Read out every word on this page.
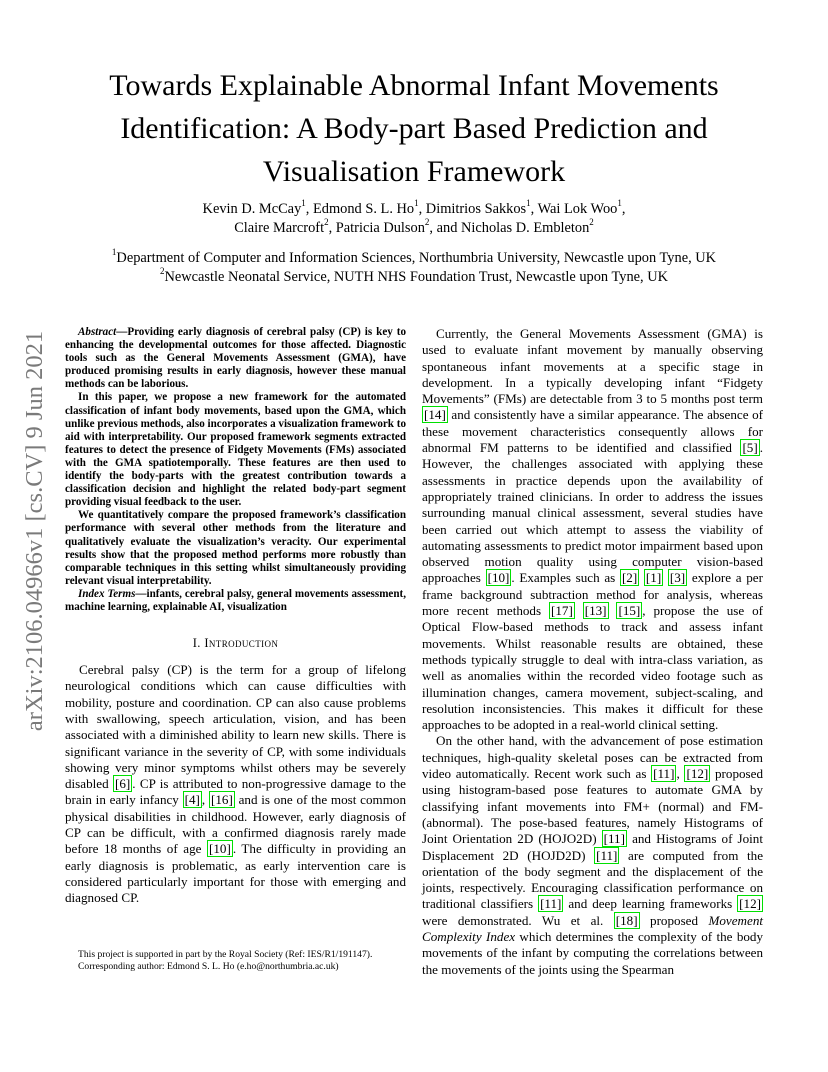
arXiv:2106.04966v1 [cs.CV] 9 Jun 2021
Towards Explainable Abnormal Infant Movements
Identification: A Body-part Based Prediction and
Visualisation Framework
Kevin D. McCay$^1$, Edmond S. L. Ho$^1$, Dimitrios Sakkos$^1$, Wai Lok Woo$^1$,
Claire Marcroft$^2$, Patricia Dulson$^2$, and Nicholas D. Embleton$^2$
$^1$Department of Computer and Information Sciences, Northumbria University, Newcastle upon Tyne, UK
$^2$Newcastle Neonatal Service, NUTH NHS Foundation Trust, Newcastle upon Tyne, UK

Abstract—Providing early diagnosis of cerebral palsy (CP) is key to enhancing the developmental outcomes for those affected. Diagnostic tools such as the General Movements Assessment (GMA), have produced promising results in early diagnosis, however these manual methods can be laborious.

In this paper, we propose a new framework for the automated classification of infant body movements, based upon the GMA, which unlike previous methods, also incorporates a visualization framework to aid with interpretability. Our proposed framework segments extracted features to detect the presence of Fidgety Movements (FMs) associated with the GMA spatiotemporally. These features are then used to identify the body-parts with the greatest contribution towards a classification decision and highlight the related body-part segment providing visual feedback to the user.

We quantitatively compare the proposed framework’s classification performance with several other methods from the literature and qualitatively evaluate the visualization’s veracity. Our experimental results show that the proposed method performs more robustly than comparable techniques in this setting whilst simultaneously providing relevant visual interpretability.

Index Terms—infants, cerebral palsy, general movements assessment, machine learning, explainable AI, visualization

I. Introduction

Cerebral palsy (CP) is the term for a group of lifelong neurological conditions which can cause difficulties with mobility, posture and coordination. CP can also cause problems with swallowing, speech articulation, vision, and has been associated with a diminished ability to learn new skills. There is significant variance in the severity of CP, with some individuals showing very minor symptoms whilst others may be severely disabled [6] . CP is attributed to non-progressive damage to the brain in early infancy [4] , [16] and is one of the most common physical disabilities in childhood. However, early diagnosis of CP can be difficult, with a confirmed diagnosis rarely made before 18 months of age [10] . The difficulty in providing an early diagnosis is problematic, as early intervention care is considered particularly important for those with emerging and diagnosed CP.

This project is supported in part by the Royal Society (Ref: IES/R1/191147).
Corresponding author: Edmond S. L. Ho (e.ho@northumbria.ac.uk)

Currently, the General Movements Assessment (GMA) is used to evaluate infant movement by manually observing spontaneous infant movements at a specific stage in development. In a typically developing infant “Fidgety Movements” (FMs) are detectable from 3 to 5 months post term [14] and consistently have a similar appearance. The absence of these movement characteristics consequently allows for abnormal FM patterns to be identified and classified [5] . However, the challenges associated with applying these assessments in practice depends upon the availability of appropriately trained clinicians. In order to address the issues surrounding manual clinical assessment, several studies have been carried out which attempt to assess the viability of automating assessments to predict motor impairment based upon observed motion quality using computer vision-based approaches [10] . Examples such as [2] [1] [3] explore a per frame background subtraction method for analysis, whereas more recent methods [17] [13] [15] , propose the use of Optical Flow-based methods to track and assess infant movements. Whilst reasonable results are obtained, these methods typically struggle to deal with intra-class variation, as well as anomalies within the recorded video footage such as illumination changes, camera movement, subject-scaling, and resolution inconsistencies. This makes it difficult for these approaches to be adopted in a real-world clinical setting.

On the other hand, with the advancement of pose estimation techniques, high-quality skeletal poses can be extracted from video automatically. Recent work such as [11] , [12] proposed using histogram-based pose features to automate GMA by classifying infant movements into FM+ (normal) and FM- (abnormal). The pose-based features, namely Histograms of Joint Orientation 2D (HOJO2D) [11] and Histograms of Joint Displacement 2D (HOJD2D) [11] are computed from the orientation of the body segment and the displacement of the joints, respectively. Encouraging classification performance on traditional classifiers [11] and deep learning frameworks [12] were demonstrated. Wu et al. [18] proposed Movement Complexity Index which determines the complexity of the body movements of the infant by computing the correlations between the movements of the joints using the Spearman
